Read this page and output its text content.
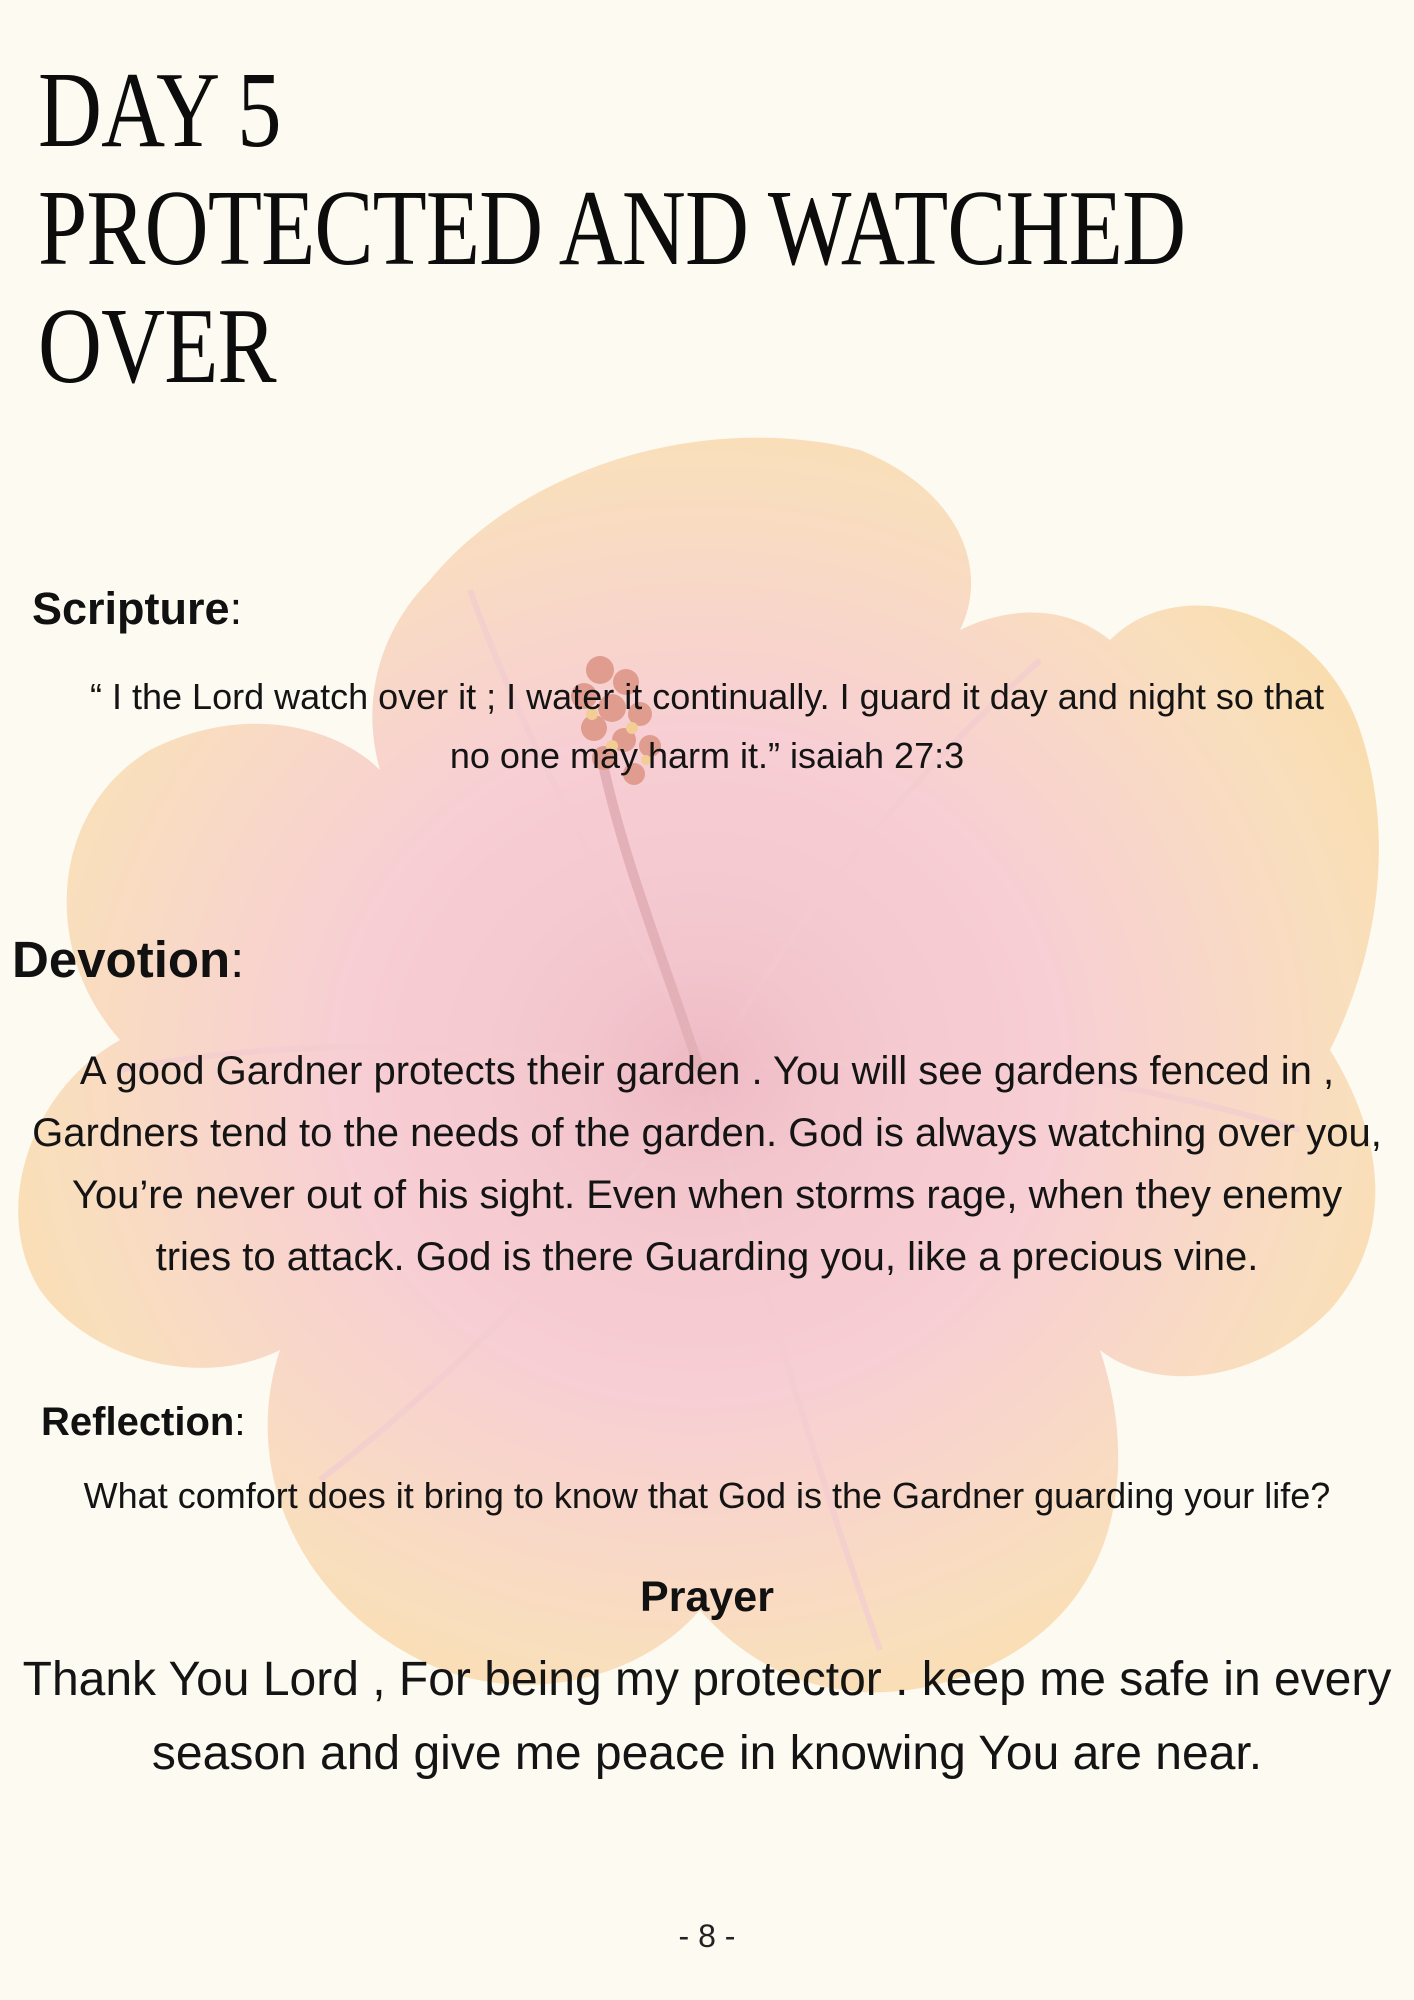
DAY 5
PROTECTED AND WATCHED
OVER
Scripture:

“ I the Lord watch over it ; I water it continually. I guard it day and night so that
no one may harm it.” isaiah 27:3

Devotion:

A good Gardner protects their garden . You will see gardens fenced in ,
Gardners tend to the needs of the garden. God is always watching over you,
You’re never out of his sight. Even when storms rage, when they enemy
tries to attack. God is there Guarding you, like a precious vine.

Reflection:

What comfort does it bring to know that God is the Gardner guarding your life?

Prayer

Thank You Lord , For being my protector . keep me safe in every
season and give me peace in knowing You are near.

- 8 -
